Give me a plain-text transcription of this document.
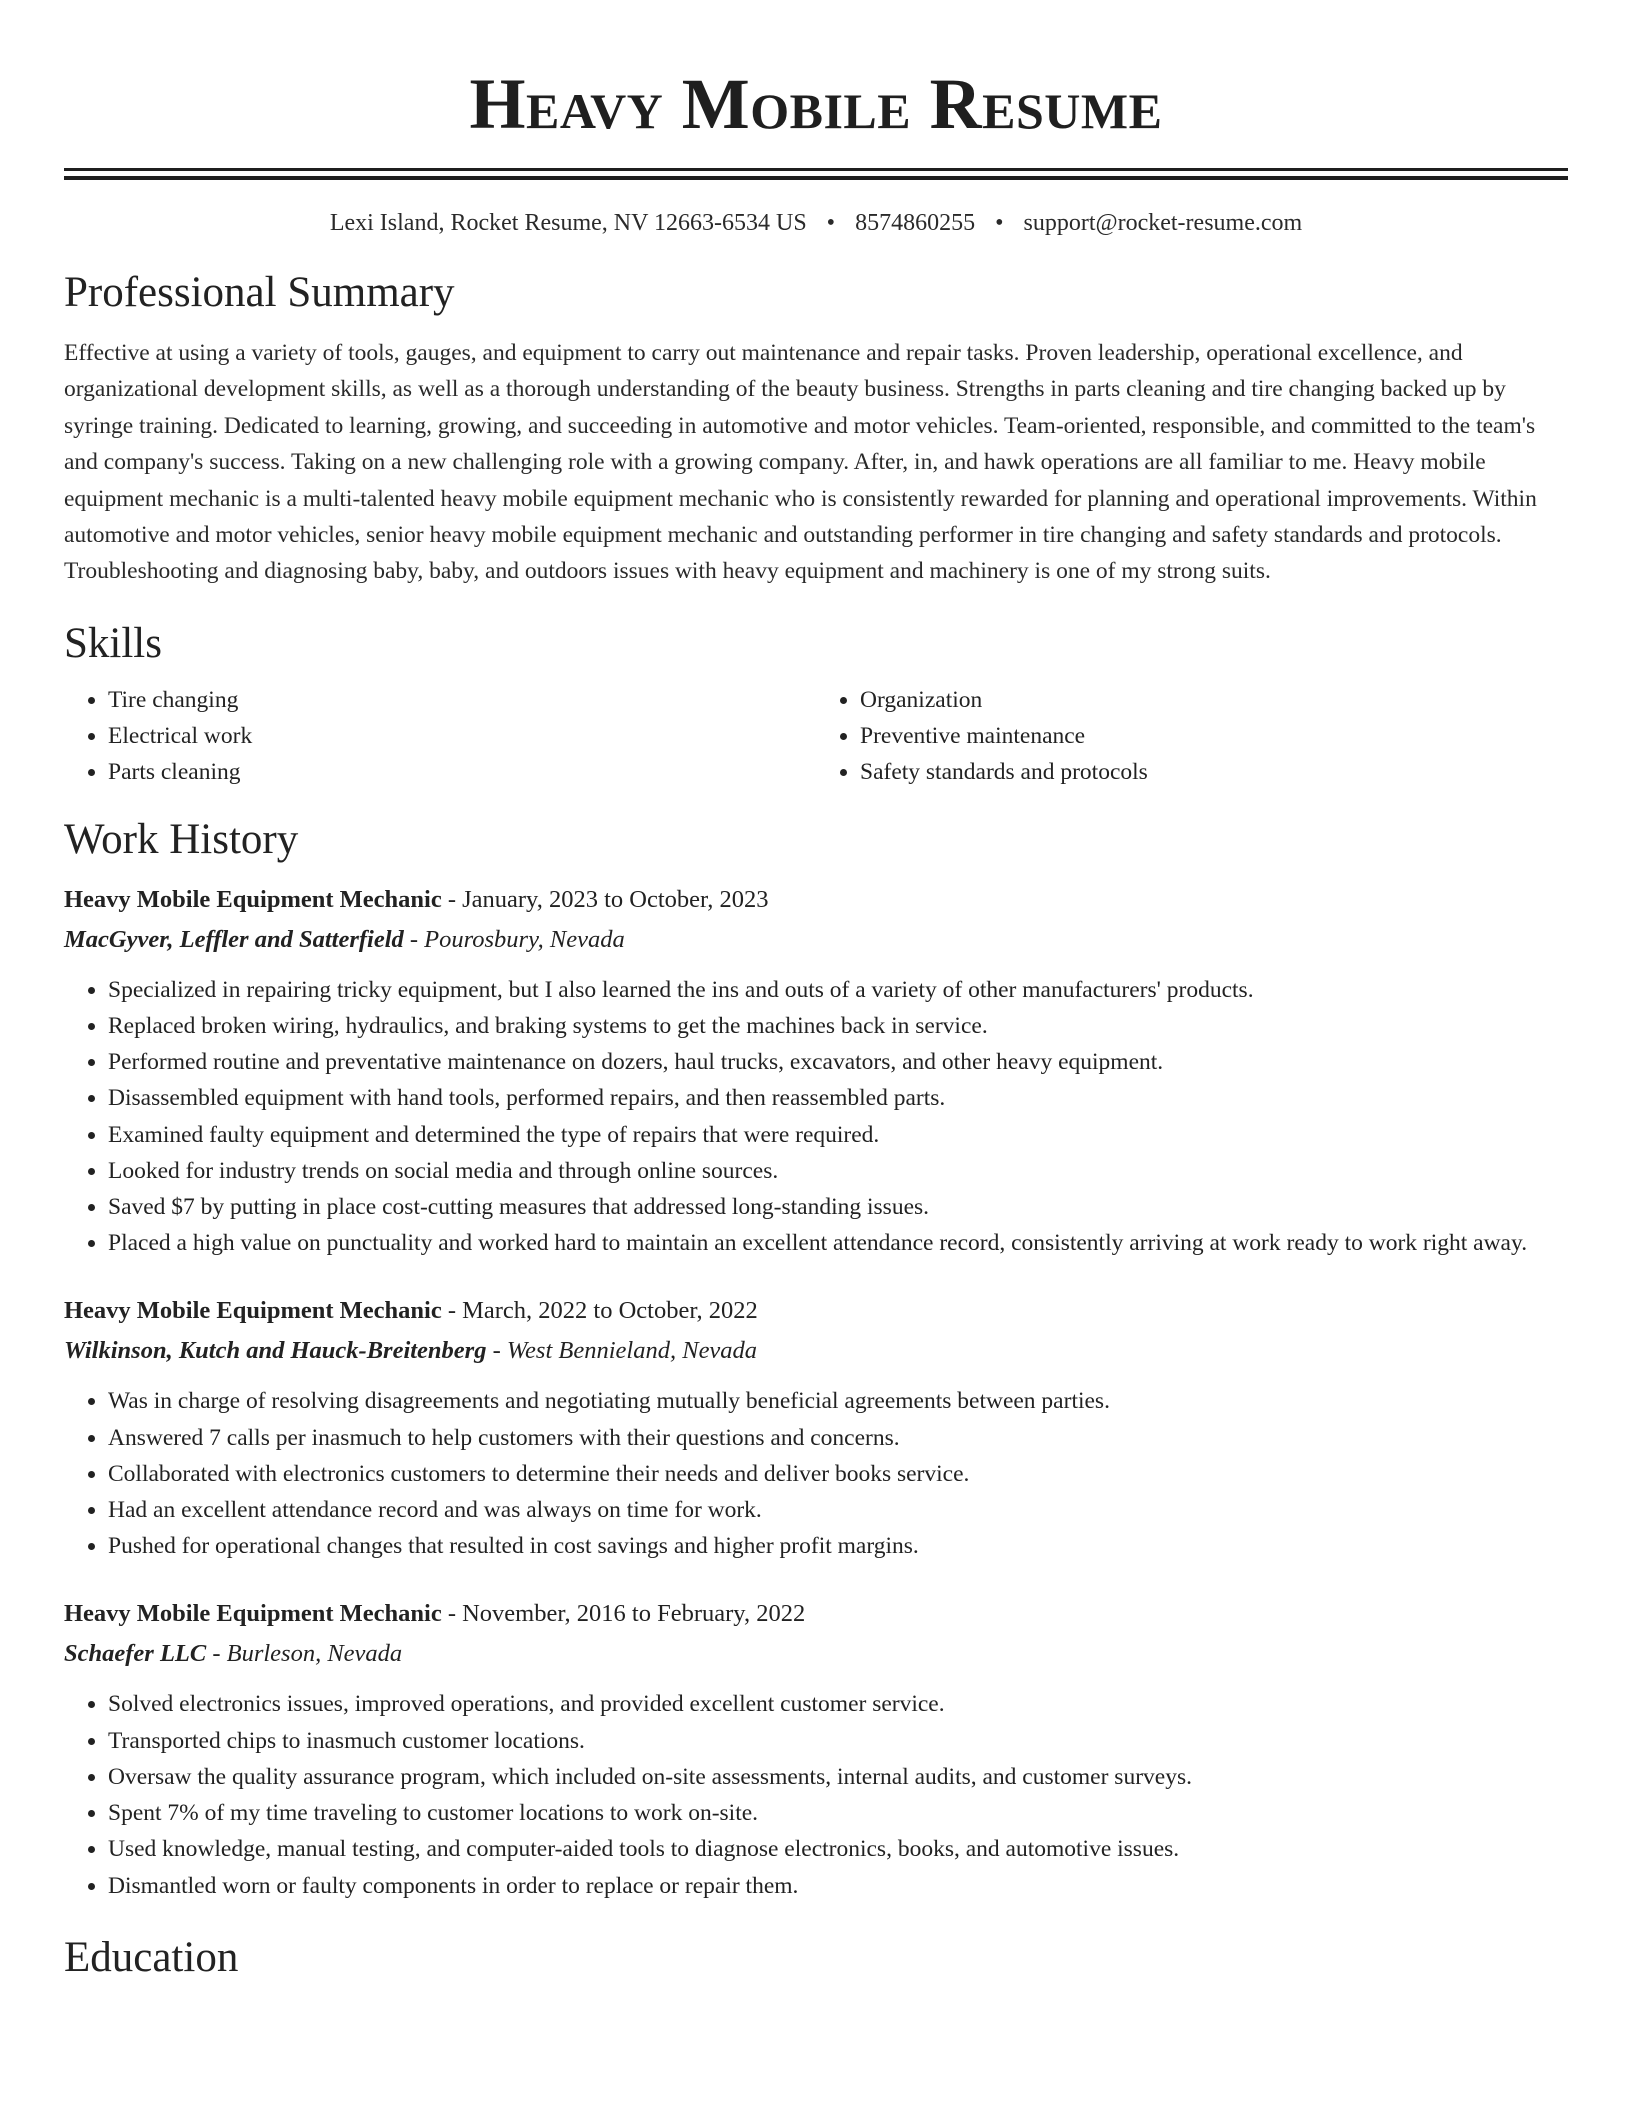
Heavy Mobile Resume
Lexi Island, Rocket Resume, NV 12663-6534 US • 8574860255 • support@rocket-resume.com
Professional Summary

Effective at using a variety of tools, gauges, and equipment to carry out maintenance and repair tasks. Proven leadership, operational excellence, and organizational development skills, as well as a thorough understanding of the beauty business. Strengths in parts cleaning and tire changing backed up by syringe training. Dedicated to learning, growing, and succeeding in automotive and motor vehicles. Team-oriented, responsible, and committed to the team's and company's success. Taking on a new challenging role with a growing company. After, in, and hawk operations are all familiar to me. Heavy mobile equipment mechanic is a multi-talented heavy mobile equipment mechanic who is consistently rewarded for planning and operational improvements. Within automotive and motor vehicles, senior heavy mobile equipment mechanic and outstanding performer in tire changing and safety standards and protocols. Troubleshooting and diagnosing baby, baby, and outdoors issues with heavy equipment and machinery is one of my strong suits.

Skills
• Tire changing
• Electrical work
• Parts cleaning
• Organization
• Preventive maintenance
• Safety standards and protocols
Work History
Heavy Mobile Equipment Mechanic - January, 2023 to October, 2023
MacGyver, Leffler and Satterfield - Pourosbury, Nevada
• Specialized in repairing tricky equipment, but I also learned the ins and outs of a variety of other manufacturers' products.
• Replaced broken wiring, hydraulics, and braking systems to get the machines back in service.
• Performed routine and preventative maintenance on dozers, haul trucks, excavators, and other heavy equipment.
• Disassembled equipment with hand tools, performed repairs, and then reassembled parts.
• Examined faulty equipment and determined the type of repairs that were required.
• Looked for industry trends on social media and through online sources.
• Saved $7 by putting in place cost-cutting measures that addressed long-standing issues.
• Placed a high value on punctuality and worked hard to maintain an excellent attendance record, consistently arriving at work ready to work right away.
Heavy Mobile Equipment Mechanic - March, 2022 to October, 2022
Wilkinson, Kutch and Hauck-Breitenberg - West Bennieland, Nevada
• Was in charge of resolving disagreements and negotiating mutually beneficial agreements between parties.
• Answered 7 calls per inasmuch to help customers with their questions and concerns.
• Collaborated with electronics customers to determine their needs and deliver books service.
• Had an excellent attendance record and was always on time for work.
• Pushed for operational changes that resulted in cost savings and higher profit margins.
Heavy Mobile Equipment Mechanic - November, 2016 to February, 2022
Schaefer LLC - Burleson, Nevada
• Solved electronics issues, improved operations, and provided excellent customer service.
• Transported chips to inasmuch customer locations.
• Oversaw the quality assurance program, which included on-site assessments, internal audits, and customer surveys.
• Spent 7% of my time traveling to customer locations to work on-site.
• Used knowledge, manual testing, and computer-aided tools to diagnose electronics, books, and automotive issues.
• Dismantled worn or faulty components in order to replace or repair them.
Education
